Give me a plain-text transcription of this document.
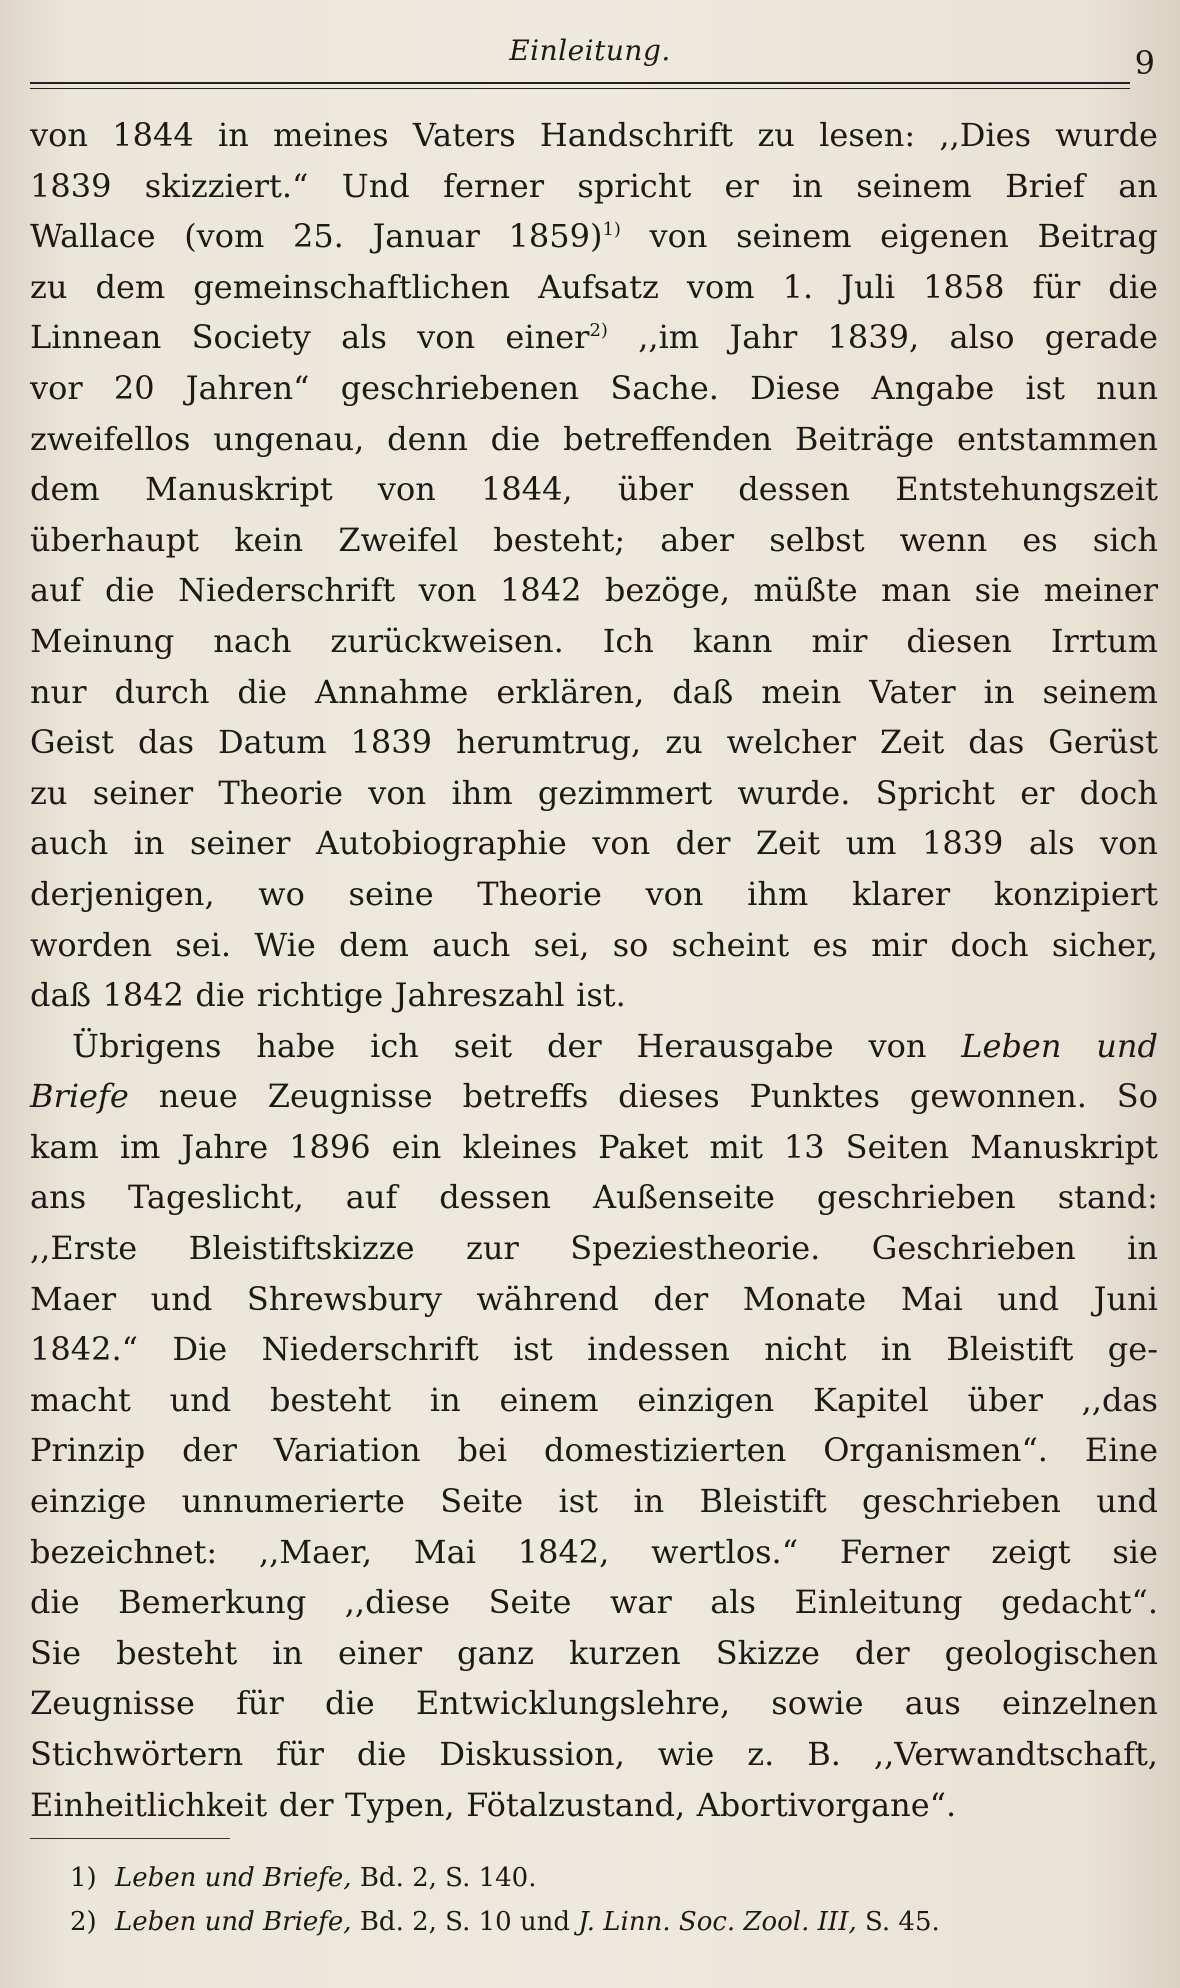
Einleitung.	9
von 1844 in meines Vaters Handschrift zu lesen: ,,Dies wurde
1839 skizziert.“ Und ferner spricht er in seinem Brief an
Wallace (vom 25. Januar 1859)$^{1)}$ von seinem eigenen Beitrag
zu dem gemeinschaftlichen Aufsatz vom 1. Juli 1858 für die
Linnean Society als von einer$^{2)}$ ,,im Jahr 1839, also gerade
vor 20 Jahren“ geschriebenen Sache. Diese Angabe ist nun
zweifellos ungenau, denn die betreffenden Beiträge entstammen
dem Manuskript von 1844, über dessen Entstehungszeit
überhaupt kein Zweifel besteht; aber selbst wenn es sich
auf die Niederschrift von 1842 bezöge, müßte man sie meiner
Meinung nach zurückweisen. Ich kann mir diesen Irrtum
nur durch die Annahme erklären, daß mein Vater in seinem
Geist das Datum 1839 herumtrug, zu welcher Zeit das Gerüst
zu seiner Theorie von ihm gezimmert wurde. Spricht er doch
auch in seiner Autobiographie von der Zeit um 1839 als von
derjenigen, wo seine Theorie von ihm klarer konzipiert
worden sei. Wie dem auch sei, so scheint es mir doch sicher,
daß 1842 die richtige Jahreszahl ist.
Übrigens habe ich seit der Herausgabe von Leben und
Briefe neue Zeugnisse betreffs dieses Punktes gewonnen. So
kam im Jahre 1896 ein kleines Paket mit 13 Seiten Manuskript
ans Tageslicht, auf dessen Außenseite geschrieben stand:
,,Erste Bleistiftskizze zur Speziestheorie. Geschrieben in
Maer und Shrewsbury während der Monate Mai und Juni
1842.“ Die Niederschrift ist indessen nicht in Bleistift ge-
macht und besteht in einem einzigen Kapitel über ,,das
Prinzip der Variation bei domestizierten Organismen“. Eine
einzige unnumerierte Seite ist in Bleistift geschrieben und
bezeichnet: ,,Maer, Mai 1842, wertlos.“ Ferner zeigt sie
die Bemerkung ,,diese Seite war als Einleitung gedacht“.
Sie besteht in einer ganz kurzen Skizze der geologischen
Zeugnisse für die Entwicklungslehre, sowie aus einzelnen
Stichwörtern für die Diskussion, wie z. B. ,,Verwandtschaft,
Einheitlichkeit der Typen, Fötalzustand, Abortivorgane“.
1) Leben und Briefe, Bd. 2, S. 140.
2) Leben und Briefe, Bd. 2, S. 10 und J. Linn. Soc. Zool. III, S. 45.
